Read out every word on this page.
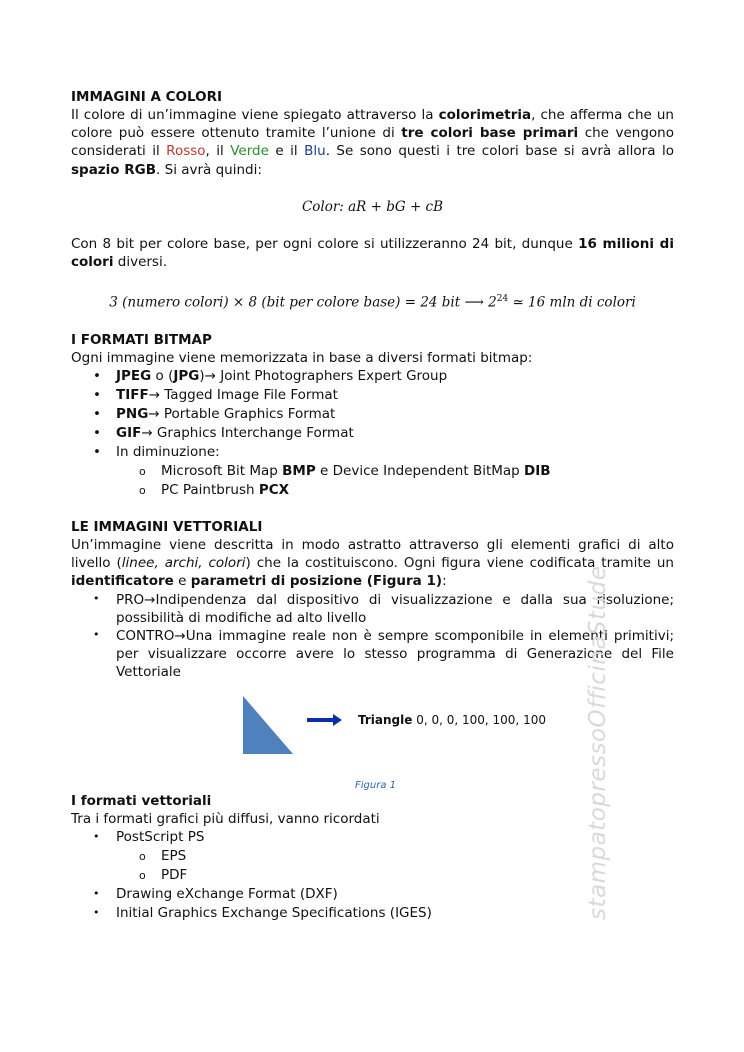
IMMAGINI A COLORI

Il colore di un’immagine viene spiegato attraverso la colorimetria, che afferma che un colore può essere ottenuto tramite l’unione di tre colori base primari che vengono considerati il Rosso, il Verde e il Blu. Se sono questi i tre colori base si avrà allora lo spazio RGB. Si avrà quindi:

Color: aR + bG + cB

Con 8 bit per colore base, per ogni colore si utilizzeranno 24 bit, dunque 16 milioni di colori diversi.

3 (numero colori) × 8 (bit per colore base) = 24 bit ⟶ $2^{24}$ ≃ 16 mln di colori

I FORMATI BITMAP

Ogni immagine viene memorizzata in base a diversi formati bitmap:

• JPEG o (JPG)→ Joint Photographers Expert Group
• TIFF→ Tagged Image File Format
• PNG→ Portable Graphics Format
• GIF→ Graphics Interchange Format
• In diminuzione:
o Microsoft Bit Map BMP e Device Independent BitMap DIB
o PC Paintbrush PCX

LE IMMAGINI VETTORIALI

Un’immagine viene descritta in modo astratto attraverso gli elementi grafici di alto livello (linee, archi, colori) che la costituiscono. Ogni figura viene codificata tramite un identificatore e parametri di posizione (Figura 1):

• PRO→Indipendenza dal dispositivo di visualizzazione e dalla sua risoluzione; possibilità di modifiche ad alto livello
• CONTRO→Una immagine reale non è sempre scomponibile in elementi primitivi; per visualizzare occorre avere lo stesso programma di Generazione del File Vettoriale
Triangle 0, 0, 0, 100, 100, 100
Figura 1

I formati vettoriali

Tra i formati grafici più diffusi, vanno ricordati

• PostScript PS
o EPS
o PDF
• Drawing eXchange Format (DXF)
• Initial Graphics Exchange Specifications (IGES)	stampatopressoOfficinaStude
